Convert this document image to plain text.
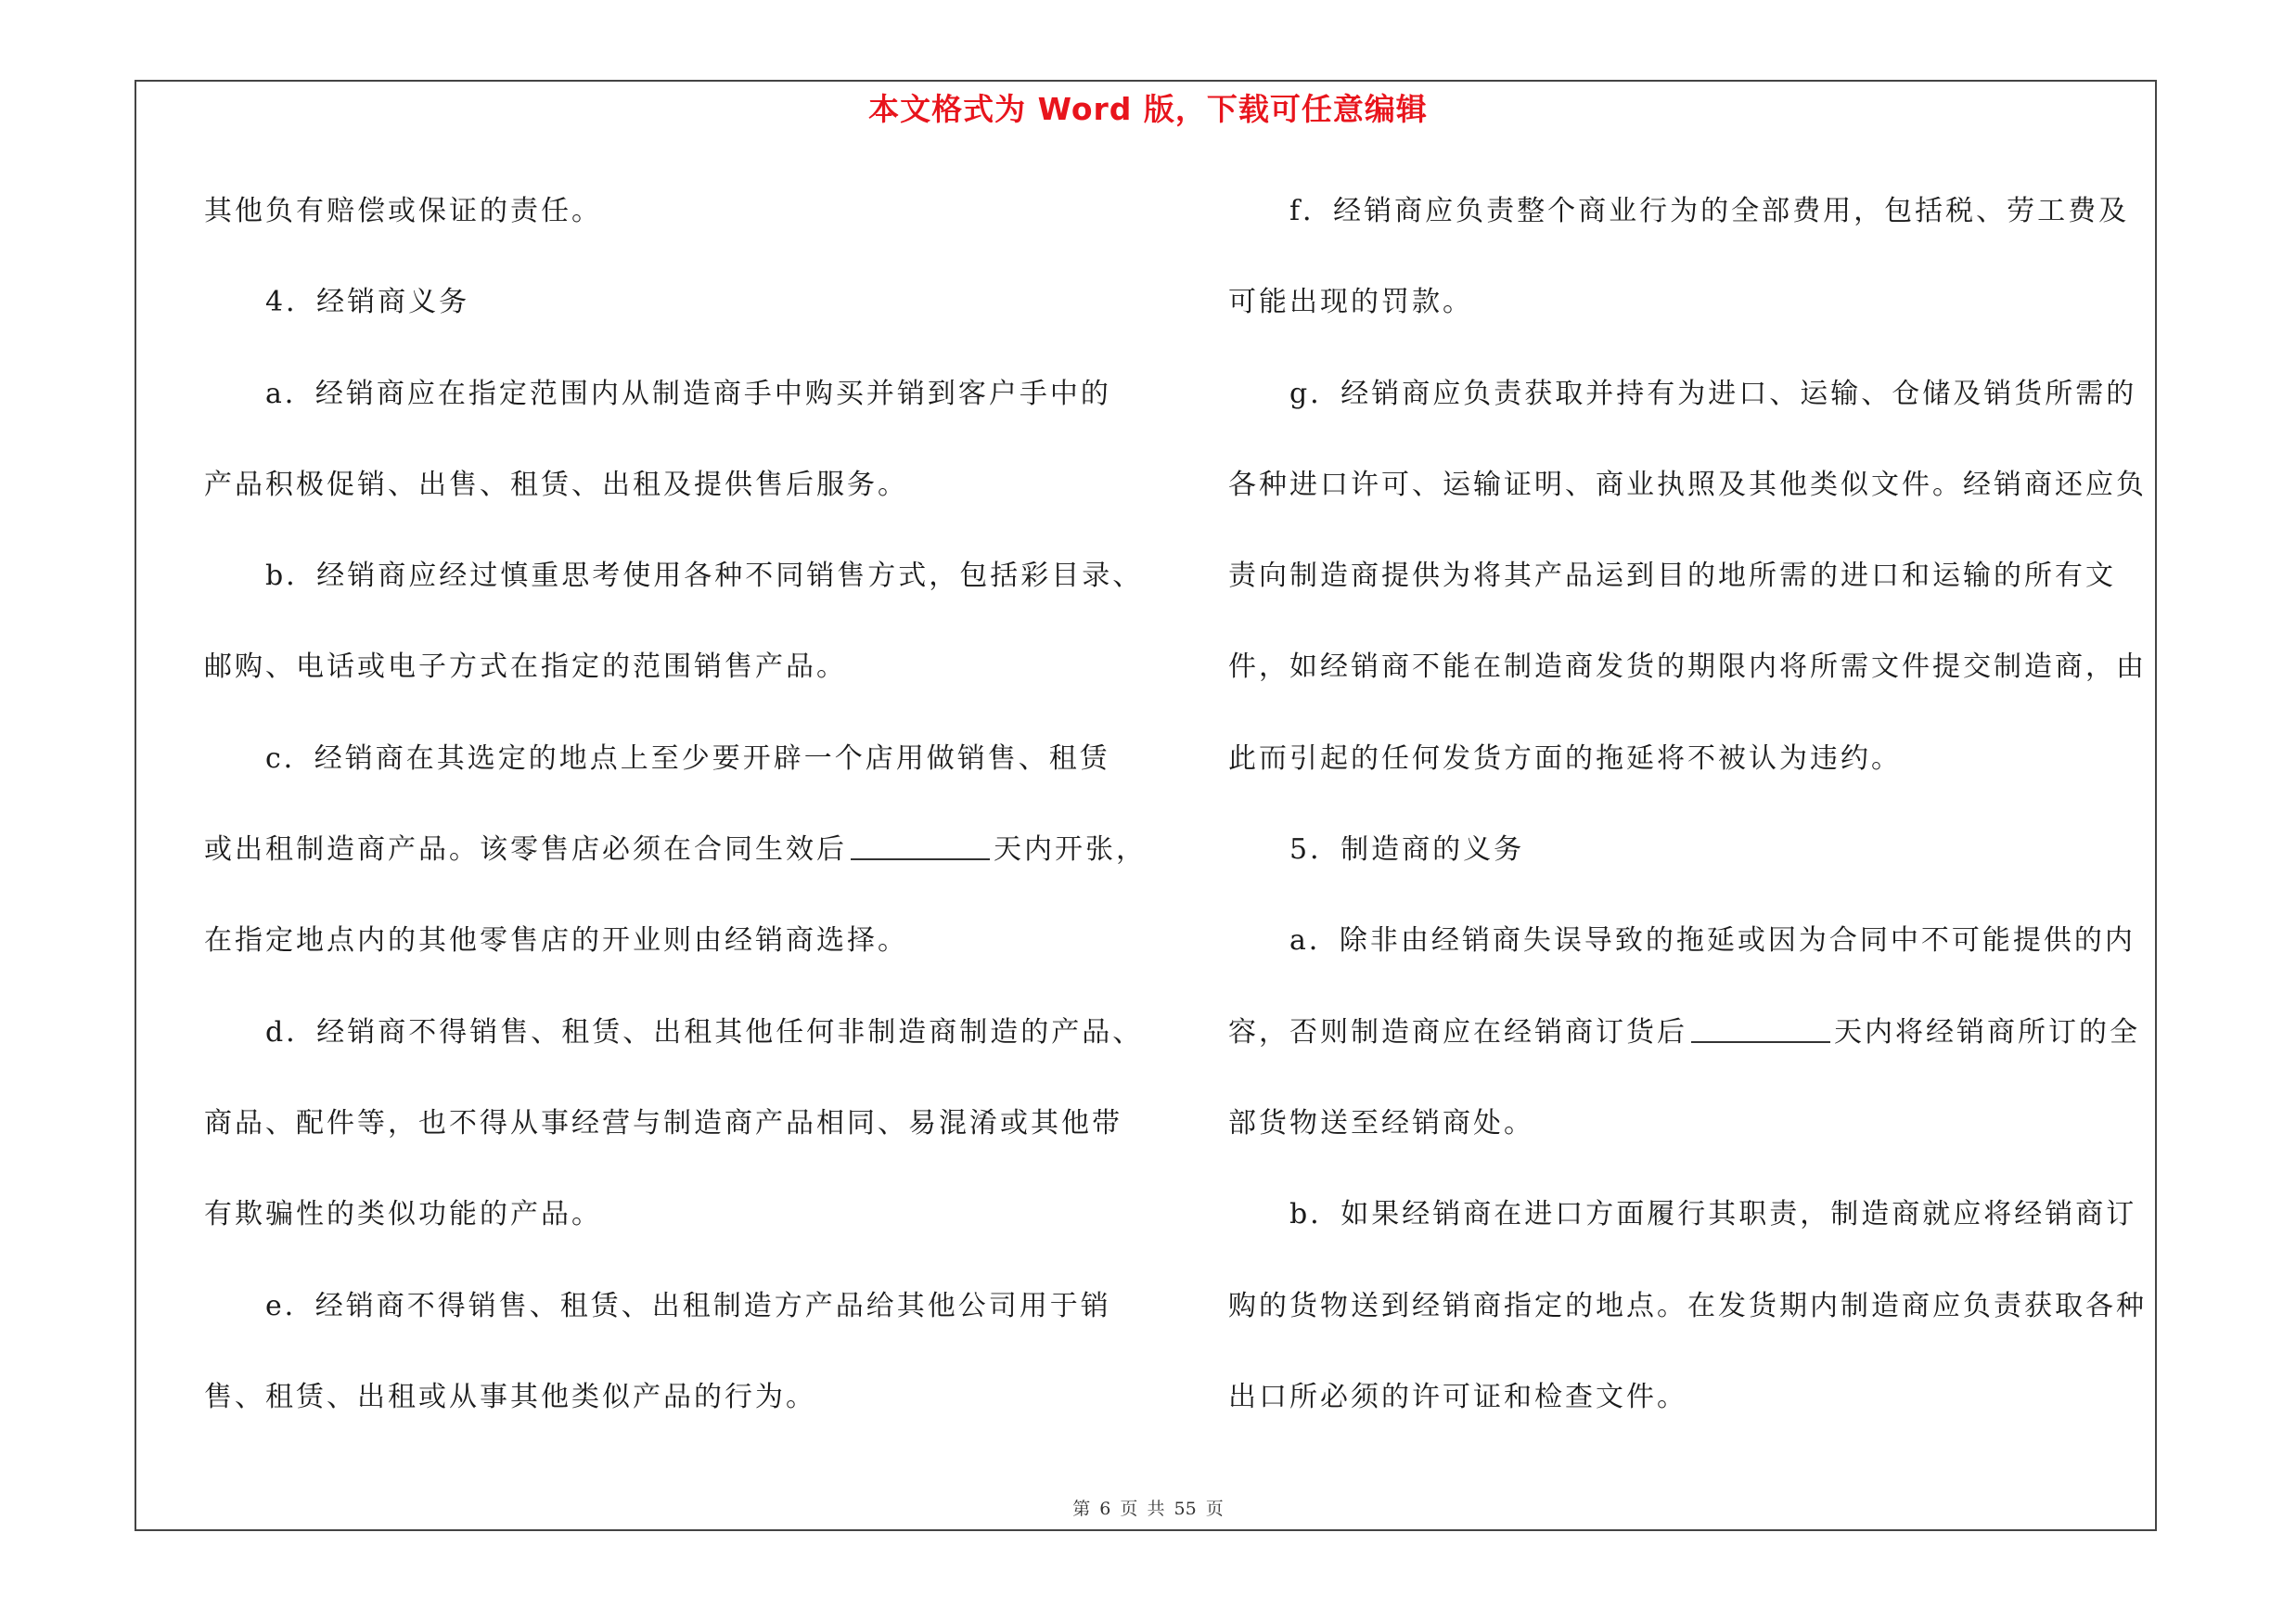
本文格式为 Word 版，下载可任意编辑
其他负有赔偿或保证的责任。
4．经销商义务
a．经销商应在指定范围内从制造商手中购买并销到客户手中的
产品积极促销、出售、租赁、出租及提供售后服务。
b．经销商应经过慎重思考使用各种不同销售方式，包括彩目录、
邮购、电话或电子方式在指定的范围销售产品。
c．经销商在其选定的地点上至少要开辟一个店用做销售、租赁
或出租制造商产品。该零售店必须在合同生效后	天内开张，
在指定地点内的其他零售店的开业则由经销商选择。
d．经销商不得销售、租赁、出租其他任何非制造商制造的产品、
商品、配件等，也不得从事经营与制造商产品相同、易混淆或其他带
有欺骗性的类似功能的产品。
e．经销商不得销售、租赁、出租制造方产品给其他公司用于销
售、租赁、出租或从事其他类似产品的行为。
f．经销商应负责整个商业行为的全部费用，包括税、劳工费及
可能出现的罚款。
g．经销商应负责获取并持有为进口、运输、仓储及销货所需的
各种进口许可、运输证明、商业执照及其他类似文件。经销商还应负
责向制造商提供为将其产品运到目的地所需的进口和运输的所有文
件，如经销商不能在制造商发货的期限内将所需文件提交制造商，由
此而引起的任何发货方面的拖延将不被认为违约。
5．制造商的义务
a．除非由经销商失误导致的拖延或因为合同中不可能提供的内
容，否则制造商应在经销商订货后	天内将经销商所订的全
部货物送至经销商处。
b．如果经销商在进口方面履行其职责，制造商就应将经销商订
购的货物送到经销商指定的地点。在发货期内制造商应负责获取各种
出口所必须的许可证和检查文件。
第 6 页 共 55 页
